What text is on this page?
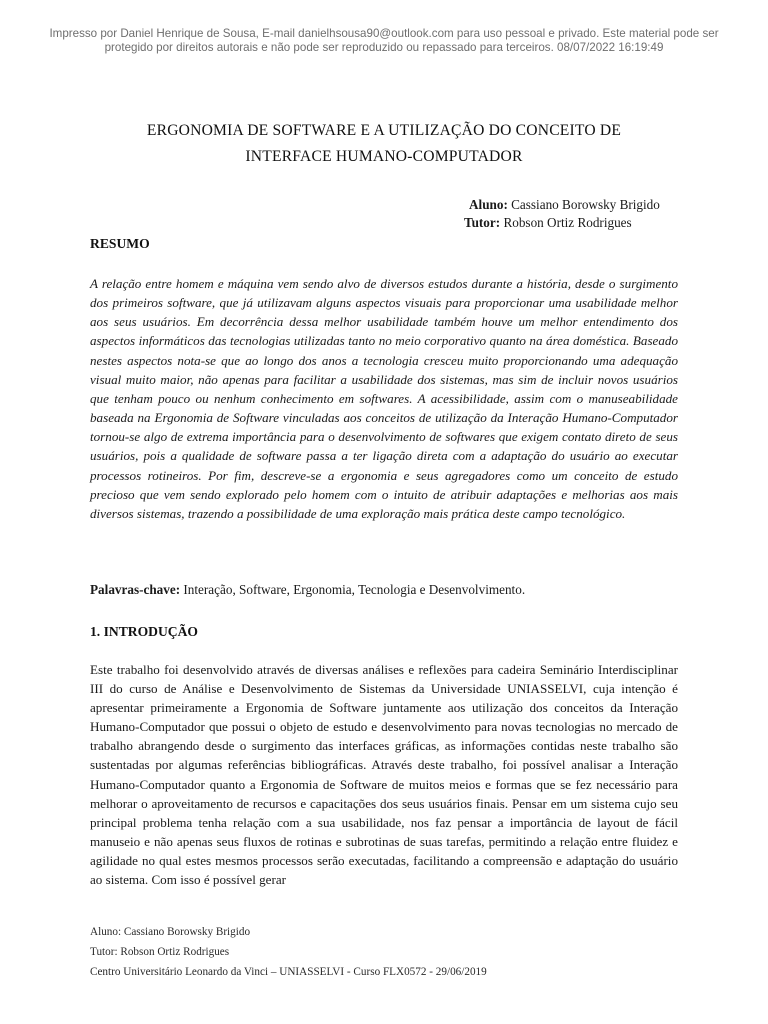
Impresso por Daniel Henrique de Sousa, E-mail danielhsousa90@outlook.com para uso pessoal e privado. Este material pode ser
protegido por direitos autorais e não pode ser reproduzido ou repassado para terceiros. 08/07/2022 16:19:49
ERGONOMIA DE SOFTWARE E A UTILIZAÇÃO DO CONCEITO DE
INTERFACE HUMANO-COMPUTADOR
Aluno: Cassiano Borowsky Brigido
Tutor: Robson Ortiz Rodrigues
RESUMO

A relação entre homem e máquina vem sendo alvo de diversos estudos durante a história, desde o surgimento dos primeiros software, que já utilizavam alguns aspectos visuais para proporcionar uma usabilidade melhor aos seus usuários. Em decorrência dessa melhor usabilidade também houve um melhor entendimento dos aspectos informáticos das tecnologias utilizadas tanto no meio corporativo quanto na área doméstica. Baseado nestes aspectos nota-se que ao longo dos anos a tecnologia cresceu muito proporcionando uma adequação visual muito maior, não apenas para facilitar a usabilidade dos sistemas, mas sim de incluir novos usuários que tenham pouco ou nenhum conhecimento em softwares. A acessibilidade, assim com o manuseabilidade baseada na Ergonomia de Software vinculadas aos conceitos de utilização da Interação Humano-Computador tornou-se algo de extrema importância para o desenvolvimento de softwares que exigem contato direto de seus usuários, pois a qualidade de software passa a ter ligação direta com a adaptação do usuário ao executar processos rotineiros. Por fim, descreve-se a ergonomia e seus agregadores como um conceito de estudo precioso que vem sendo explorado pelo homem com o intuito de atribuir adaptações e melhorias aos mais diversos sistemas, trazendo a possibilidade de uma exploração mais prática deste campo tecnológico.

Palavras-chave: Interação, Software, Ergonomia, Tecnologia e Desenvolvimento.
1. INTRODUÇÃO

Este trabalho foi desenvolvido através de diversas análises e reflexões para cadeira Seminário Interdisciplinar III do curso de Análise e Desenvolvimento de Sistemas da Universidade UNIASSELVI, cuja intenção é apresentar primeiramente a Ergonomia de Software juntamente aos utilização dos conceitos da Interação Humano-Computador que possui o objeto de estudo e desenvolvimento para novas tecnologias no mercado de trabalho abrangendo desde o surgimento das interfaces gráficas, as informações contidas neste trabalho são sustentadas por algumas referências bibliográficas. Através deste trabalho, foi possível analisar a Interação Humano-Computador quanto a Ergonomia de Software de muitos meios e formas que se fez necessário para melhorar o aproveitamento de recursos e capacitações dos seus usuários finais. Pensar em um sistema cujo seu principal problema tenha relação com a sua usabilidade, nos faz pensar a importância de layout de fácil manuseio e não apenas seus fluxos de rotinas e subrotinas de suas tarefas, permitindo a relação entre fluidez e agilidade no qual estes mesmos processos serão executadas, facilitando a compreensão e adaptação do usuário ao sistema. Com isso é possível gerar

Aluno: Cassiano Borowsky Brigido
Tutor: Robson Ortiz Rodrigues
Centro Universitário Leonardo da Vinci – UNIASSELVI - Curso FLX0572 - 29/06/2019
